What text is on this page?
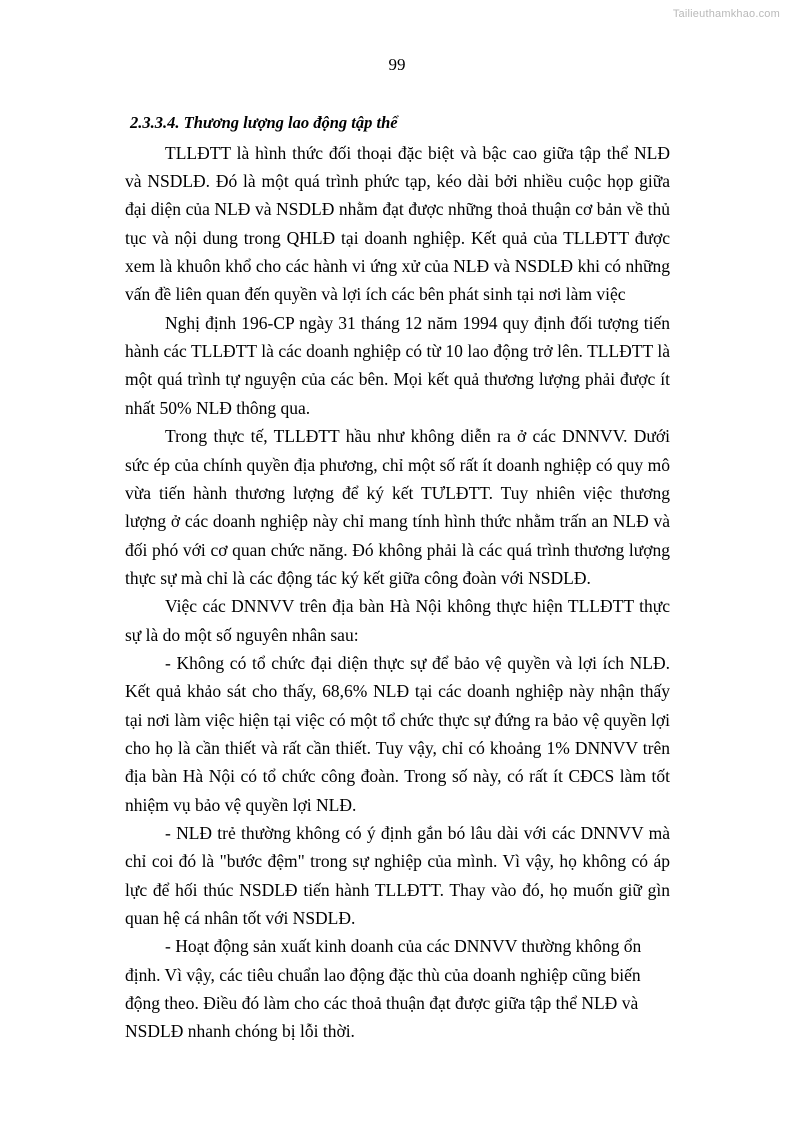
Tailieuthamkhao.com
99

2.3.3.4. Thương lượng lao động tập thể

TLLĐTT là hình thức đối thoại đặc biệt và bậc cao giữa tập thể NLĐ và NSDLĐ. Đó là một quá trình phức tạp, kéo dài bởi nhiều cuộc họp giữa đại diện của NLĐ và NSDLĐ nhằm đạt được những thoả thuận cơ bản về thủ tục và nội dung trong QHLĐ tại doanh nghiệp. Kết quả của TLLĐTT được xem là khuôn khổ cho các hành vi ứng xử của NLĐ và NSDLĐ khi có những vấn đề liên quan đến quyền và lợi ích các bên phát sinh tại nơi làm việc

Nghị định 196-CP ngày 31 tháng 12 năm 1994 quy định đối tượng tiến hành các TLLĐTT là các doanh nghiệp có từ 10 lao động trở lên. TLLĐTT là một quá trình tự nguyện của các bên. Mọi kết quả thương lượng phải được ít nhất 50% NLĐ thông qua.

Trong thực tế, TLLĐTT hầu như không diễn ra ở các DNNVV. Dưới sức ép của chính quyền địa phương, chỉ một số rất ít doanh nghiệp có quy mô vừa tiến hành thương lượng để ký kết TƯLĐTT. Tuy nhiên việc thương lượng ở các doanh nghiệp này chỉ mang tính hình thức nhằm trấn an NLĐ và đối phó với cơ quan chức năng. Đó không phải là các quá trình thương lượng thực sự mà chỉ là các động tác ký kết giữa công đoàn với NSDLĐ.

Việc các DNNVV trên địa bàn Hà Nội không thực hiện TLLĐTT thực sự là do một số nguyên nhân sau:

- Không có tổ chức đại diện thực sự để bảo vệ quyền và lợi ích NLĐ. Kết quả khảo sát cho thấy, 68,6% NLĐ tại các doanh nghiệp này nhận thấy tại nơi làm việc hiện tại việc có một tổ chức thực sự đứng ra bảo vệ quyền lợi cho họ là cần thiết và rất cần thiết. Tuy vậy, chỉ có khoảng 1% DNNVV trên địa bàn Hà Nội có tổ chức công đoàn. Trong số này, có rất ít CĐCS làm tốt nhiệm vụ bảo vệ quyền lợi NLĐ.

- NLĐ trẻ thường không có ý định gắn bó lâu dài với các DNNVV mà chỉ coi đó là "bước đệm" trong sự nghiệp của mình. Vì vậy, họ không có áp lực để hối thúc NSDLĐ tiến hành TLLĐTT. Thay vào đó, họ muốn giữ gìn quan hệ cá nhân tốt với NSDLĐ.

- Hoạt động sản xuất kinh doanh của các DNNVV thường không ổn định. Vì vậy, các tiêu chuẩn lao động đặc thù của doanh nghiệp cũng biến động theo. Điều đó làm cho các thoả thuận đạt được giữa tập thể NLĐ và NSDLĐ nhanh chóng bị lỗi thời.
